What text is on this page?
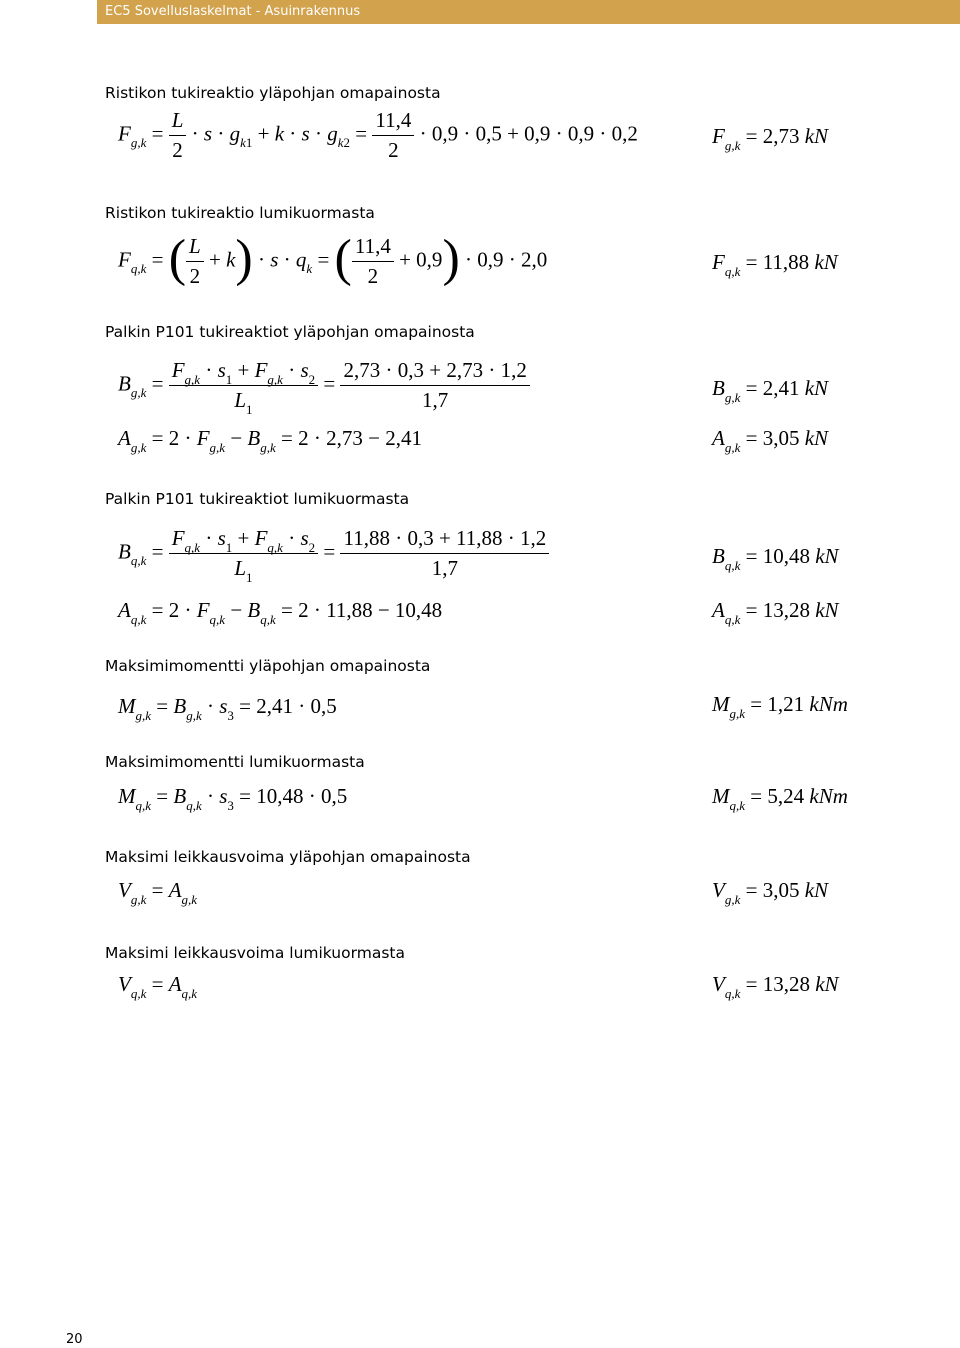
EC5 Sovelluslaskelmat - Asuinrakennus
Ristikon tukireaktio yläpohjan omapainosta
$F_{g,k} = \frac{L}{2} \cdot s \cdot g_{k1} + k \cdot s \cdot g_{k2} = \frac{11,4}{2} \cdot 0,9 \cdot 0,5 + 0,9 \cdot 0,9 \cdot 0,2$	$F_{g,k} = 2,73$ kN
Ristikon tukireaktio lumikuormasta
$F_{q,k}$ = ( $\frac{L}{2} + k) \cdot s \cdot q_k$ = ( $\frac{11,4}{2} + 0,9) \cdot 0,9 \cdot 2,0$	$F_{q,k} = 11,88$ kN
Palkin P101 tukireaktiot yläpohjan omapainosta
$B_{g,k} = \frac{F_{g,k} \cdot s_1 + F_{g,k} \cdot s_2}{L_1} = \frac{2,73 \cdot 0,3 + 2,73 \cdot 1,2}{1,7}$	$B_{g,k} = 2,41$ kN
$A_{g,k} = 2 \cdot F_{g,k} - B_{g,k} = 2 \cdot 2,73 - 2,41$	$A_{g,k} = 3,05$ kN
Palkin P101 tukireaktiot lumikuormasta
$B_{q,k} = \frac{F_{q,k} \cdot s_1 + F_{q,k} \cdot s_2}{L_1} = \frac{11,88 \cdot 0,3 + 11,88 \cdot 1,2}{1,7}$	$B_{q,k} = 10,48$ kN
$A_{q,k} = 2 \cdot F_{q,k} - B_{q,k} = 2 \cdot 11,88 - 10,48$	$A_{q,k} = 13,28$ kN
Maksimimomentti yläpohjan omapainosta
$M_{g,k} = B_{g,k} \cdot s_3 = 2,41 \cdot 0,5$	$M_{g,k} = 1,21$ kNm
Maksimimomentti lumikuormasta
$M_{q,k} = B_{q,k} \cdot s_3 = 10,48 \cdot 0,5$	$M_{q,k} = 5,24$ kNm
Maksimi leikkausvoima yläpohjan omapainosta
$V_{g,k} = A_{g,k}$	$V_{g,k} = 3,05$ kN
Maksimi leikkausvoima lumikuormasta
$V_{q,k} = A_{q,k}$	$V_{q,k} = 13,28$ kN
20
